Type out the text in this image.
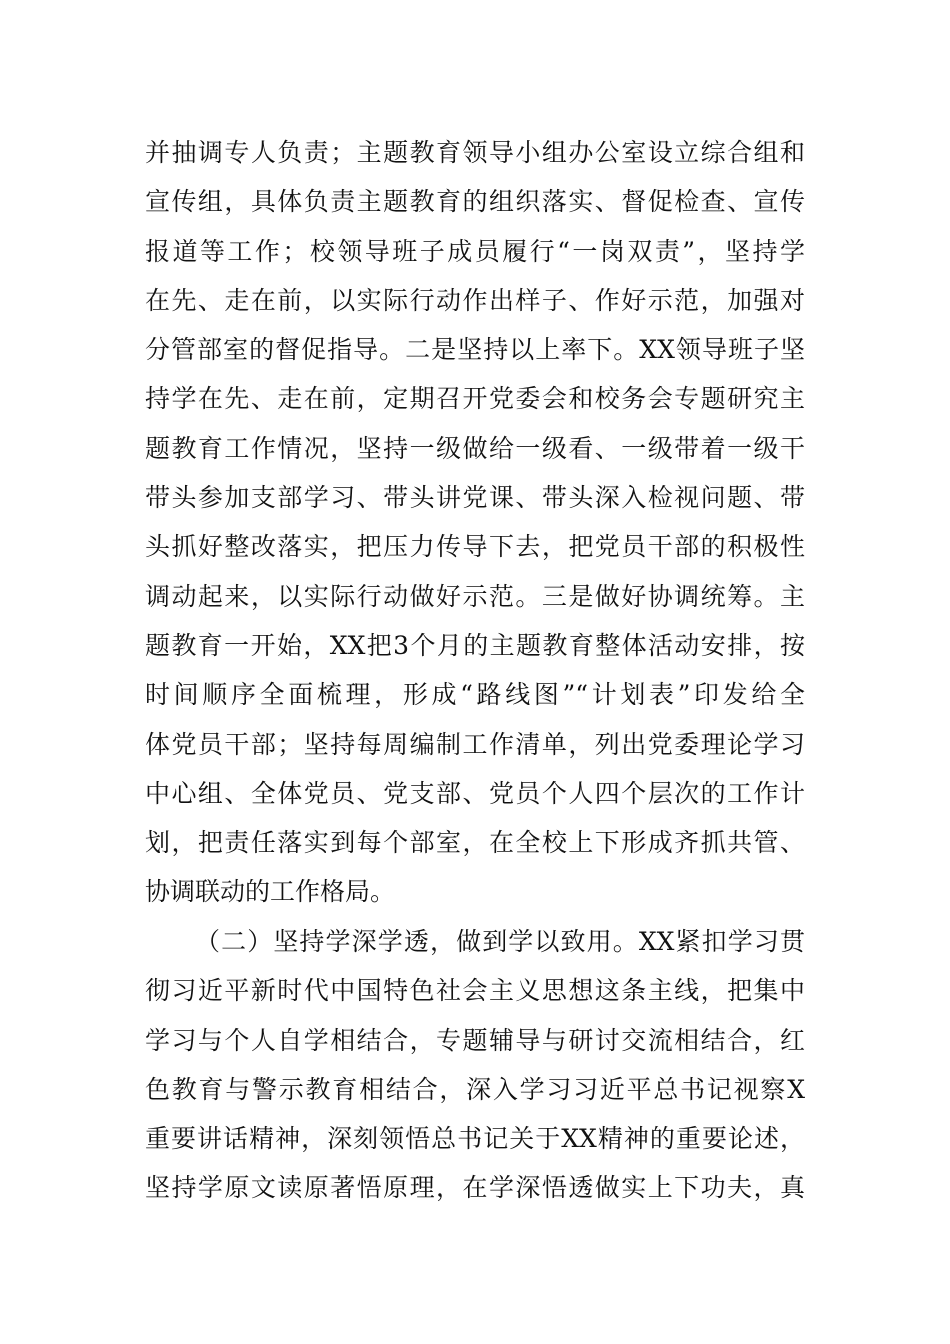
并抽调专人负责；主题教育领导小组办公室设立综合组和
宣传组，具体负责主题教育的组织落实、督促检查、宣传
报道等工作；校领导班子成员履行“一岗双责”，坚持学
在先、走在前，以实际行动作出样子、作好示范，加强对
分管部室的督促指导。二是坚持以上率下。XX领导班子坚
持学在先、走在前，定期召开党委会和校务会专题研究主
题教育工作情况，坚持一级做给一级看、一级带着一级干
带头参加支部学习、带头讲党课、带头深入检视问题、带
头抓好整改落实，把压力传导下去，把党员干部的积极性
调动起来，以实际行动做好示范。三是做好协调统筹。主
题教育一开始，XX把3个月的主题教育整体活动安排，按
时间顺序全面梳理，形成“路线图”“计划表”印发给全
体党员干部；坚持每周编制工作清单，列出党委理论学习
中心组、全体党员、党支部、党员个人四个层次的工作计
划，把责任落实到每个部室，在全校上下形成齐抓共管、
协调联动的工作格局。
（二）坚持学深学透，做到学以致用。XX紧扣学习贯
彻习近平新时代中国特色社会主义思想这条主线，把集中
学习与个人自学相结合，专题辅导与研讨交流相结合，红
色教育与警示教育相结合，深入学习习近平总书记视察X
重要讲话精神，深刻领悟总书记关于XX精神的重要论述，
坚持学原文读原著悟原理，在学深悟透做实上下功夫，真
